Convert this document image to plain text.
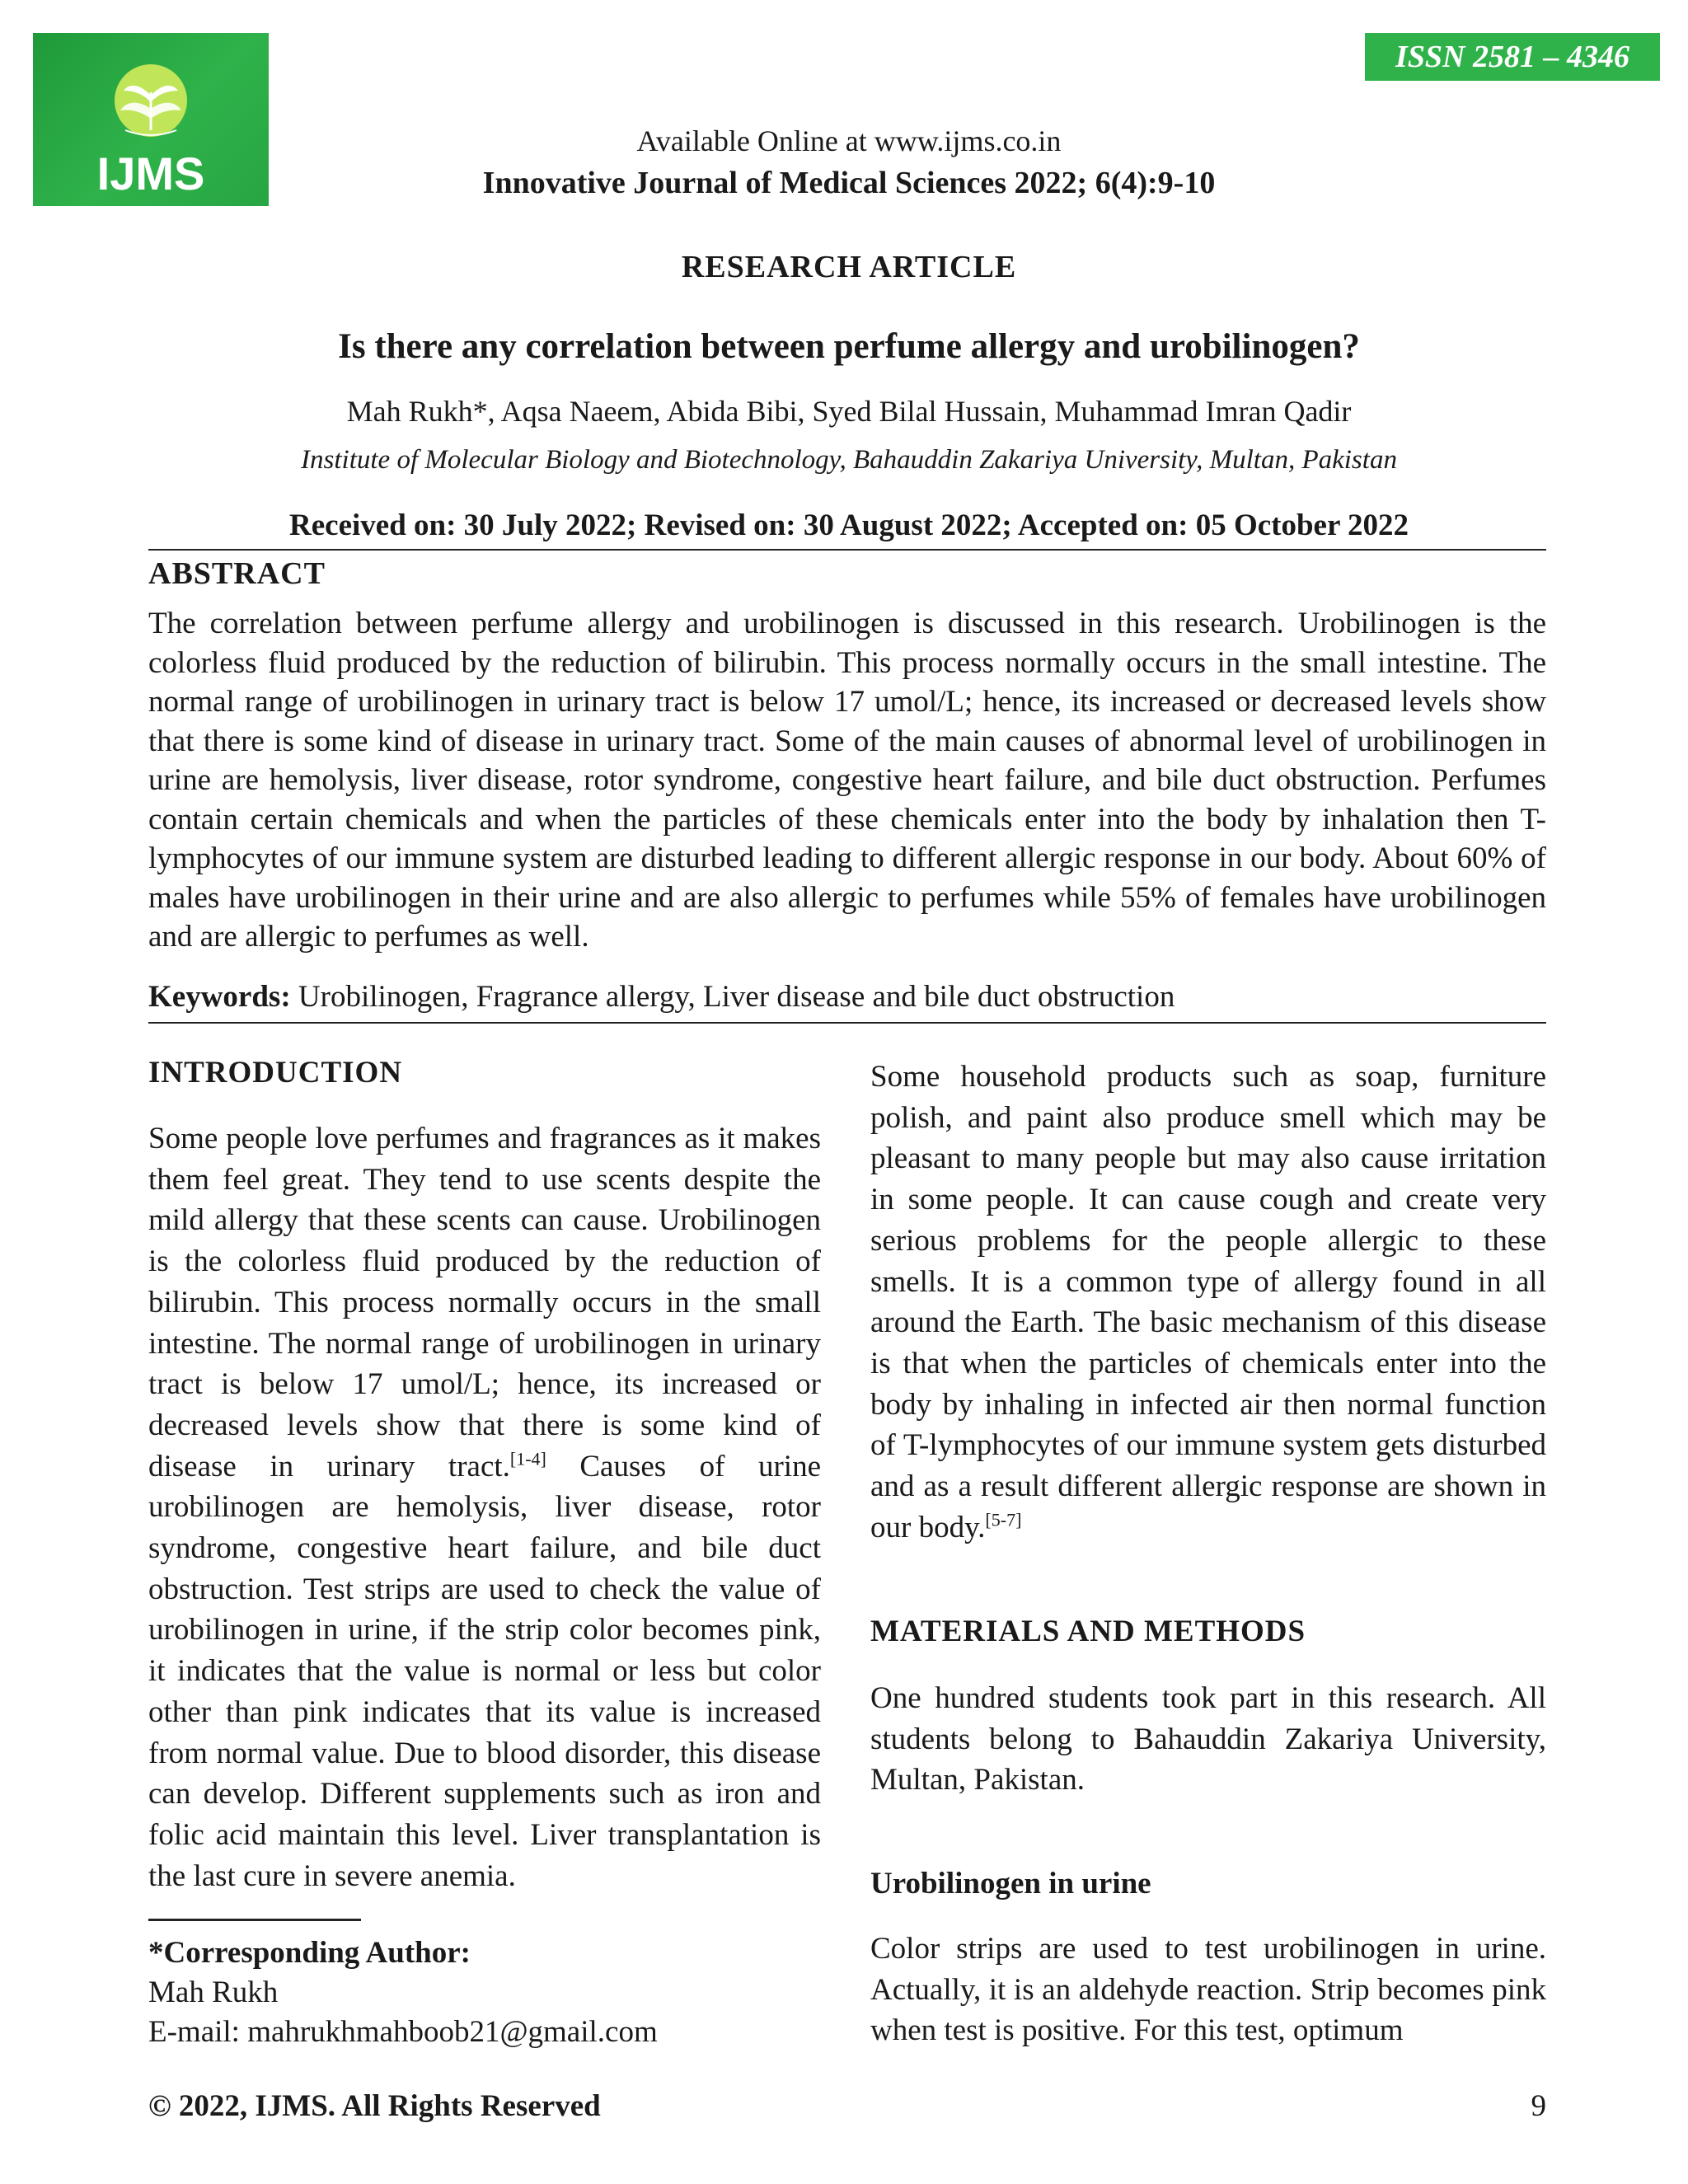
IJMS
ISSN 2581 – 4346
Available Online at www.ijms.co.in
Innovative Journal of Medical Sciences 2022; 6(4):9-10
RESEARCH ARTICLE
Is there any correlation between perfume allergy and urobilinogen?
Mah Rukh*, Aqsa Naeem, Abida Bibi, Syed Bilal Hussain, Muhammad Imran Qadir
Institute of Molecular Biology and Biotechnology, Bahauddin Zakariya University, Multan, Pakistan
Received on: 30 July 2022; Revised on: 30 August 2022; Accepted on: 05 October 2022
ABSTRACT

The correlation between perfume allergy and urobilinogen is discussed in this research. Urobilinogen is the colorless fluid produced by the reduction of bilirubin. This process normally occurs in the small intestine. The normal range of urobilinogen in urinary tract is below 17 umol/L; hence, its increased or decreased levels show that there is some kind of disease in urinary tract. Some of the main causes of abnormal level of urobilinogen in urine are hemolysis, liver disease, rotor syndrome, congestive heart failure, and bile duct obstruction. Perfumes contain certain chemicals and when the particles of these chemicals enter into the body by inhalation then T-lymphocytes of our immune system are disturbed leading to different allergic response in our body. About 60% of males have urobilinogen in their urine and are also allergic to perfumes while 55% of females have urobilinogen and are allergic to perfumes as well.

Keywords: Urobilinogen, Fragrance allergy, Liver disease and bile duct obstruction
INTRODUCTION

Some people love perfumes and fragrances as it makes them feel great. They tend to use scents despite the mild allergy that these scents can cause. Urobilinogen is the colorless fluid produced by the reduction of bilirubin. This process normally occurs in the small intestine. The normal range of urobilinogen in urinary tract is below 17 umol/L; hence, its increased or decreased levels show that there is some kind of disease in urinary tract.[1-4] Causes of urine urobilinogen are hemolysis, liver disease, rotor syndrome, congestive heart failure, and bile duct obstruction. Test strips are used to check the value of urobilinogen in urine, if the strip color becomes pink, it indicates that the value is normal or less but color other than pink indicates that its value is increased from normal value. Due to blood disorder, this disease can develop. Different supplements such as iron and folic acid maintain this level. Liver transplantation is the last cure in severe anemia.

*Corresponding Author:
Mah Rukh
E-mail: mahrukhmahboob21@gmail.com

Some household products such as soap, furniture polish, and paint also produce smell which may be pleasant to many people but may also cause irritation in some people. It can cause cough and create very serious problems for the people allergic to these smells. It is a common type of allergy found in all around the Earth. The basic mechanism of this disease is that when the particles of chemicals enter into the body by inhaling in infected air then normal function of T-lymphocytes of our immune system gets disturbed and as a result different allergic response are shown in our body.[5-7]

MATERIALS AND METHODS

One hundred students took part in this research. All students belong to Bahauddin Zakariya University, Multan, Pakistan.

Urobilinogen in urine

Color strips are used to test urobilinogen in urine. Actually, it is an aldehyde reaction. Strip becomes pink when test is positive. For this test, optimum

© 2022, IJMS. All Rights Reserved	9
